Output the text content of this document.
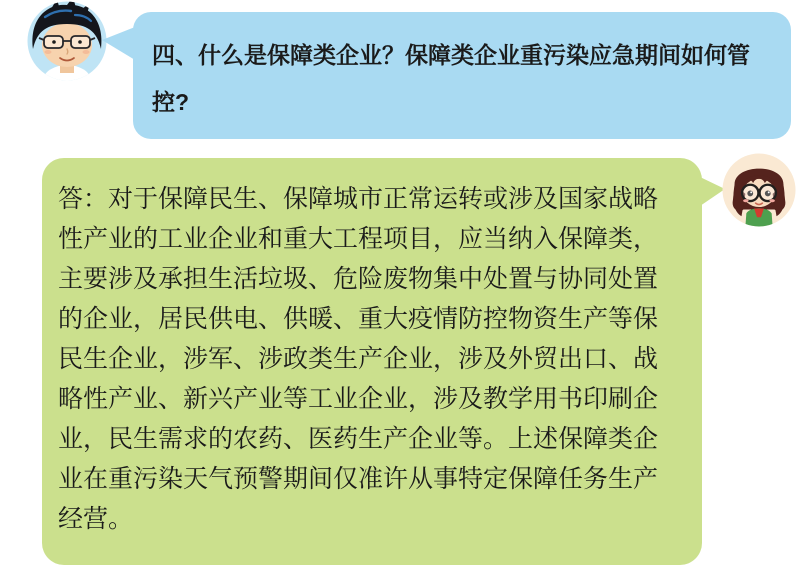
四、什么是保障类企业？保障类企业重污染应急期间如何管控?
答：对于保障民生、保障城市正常运转或涉及国家战略性产业的工业企业和重大工程项目，应当纳入保障类，主要涉及承担生活垃圾、危险废物集中处置与协同处置的企业，居民供电、供暖、重大疫情防控物资生产等保民生企业，涉军、涉政类生产企业，涉及外贸出口、战略性产业、新兴产业等工业企业，涉及教学用书印刷企业，民生需求的农药、医药生产企业等。上述保障类企业在重污染天气预警期间仅准许从事特定保障任务生产经营。
